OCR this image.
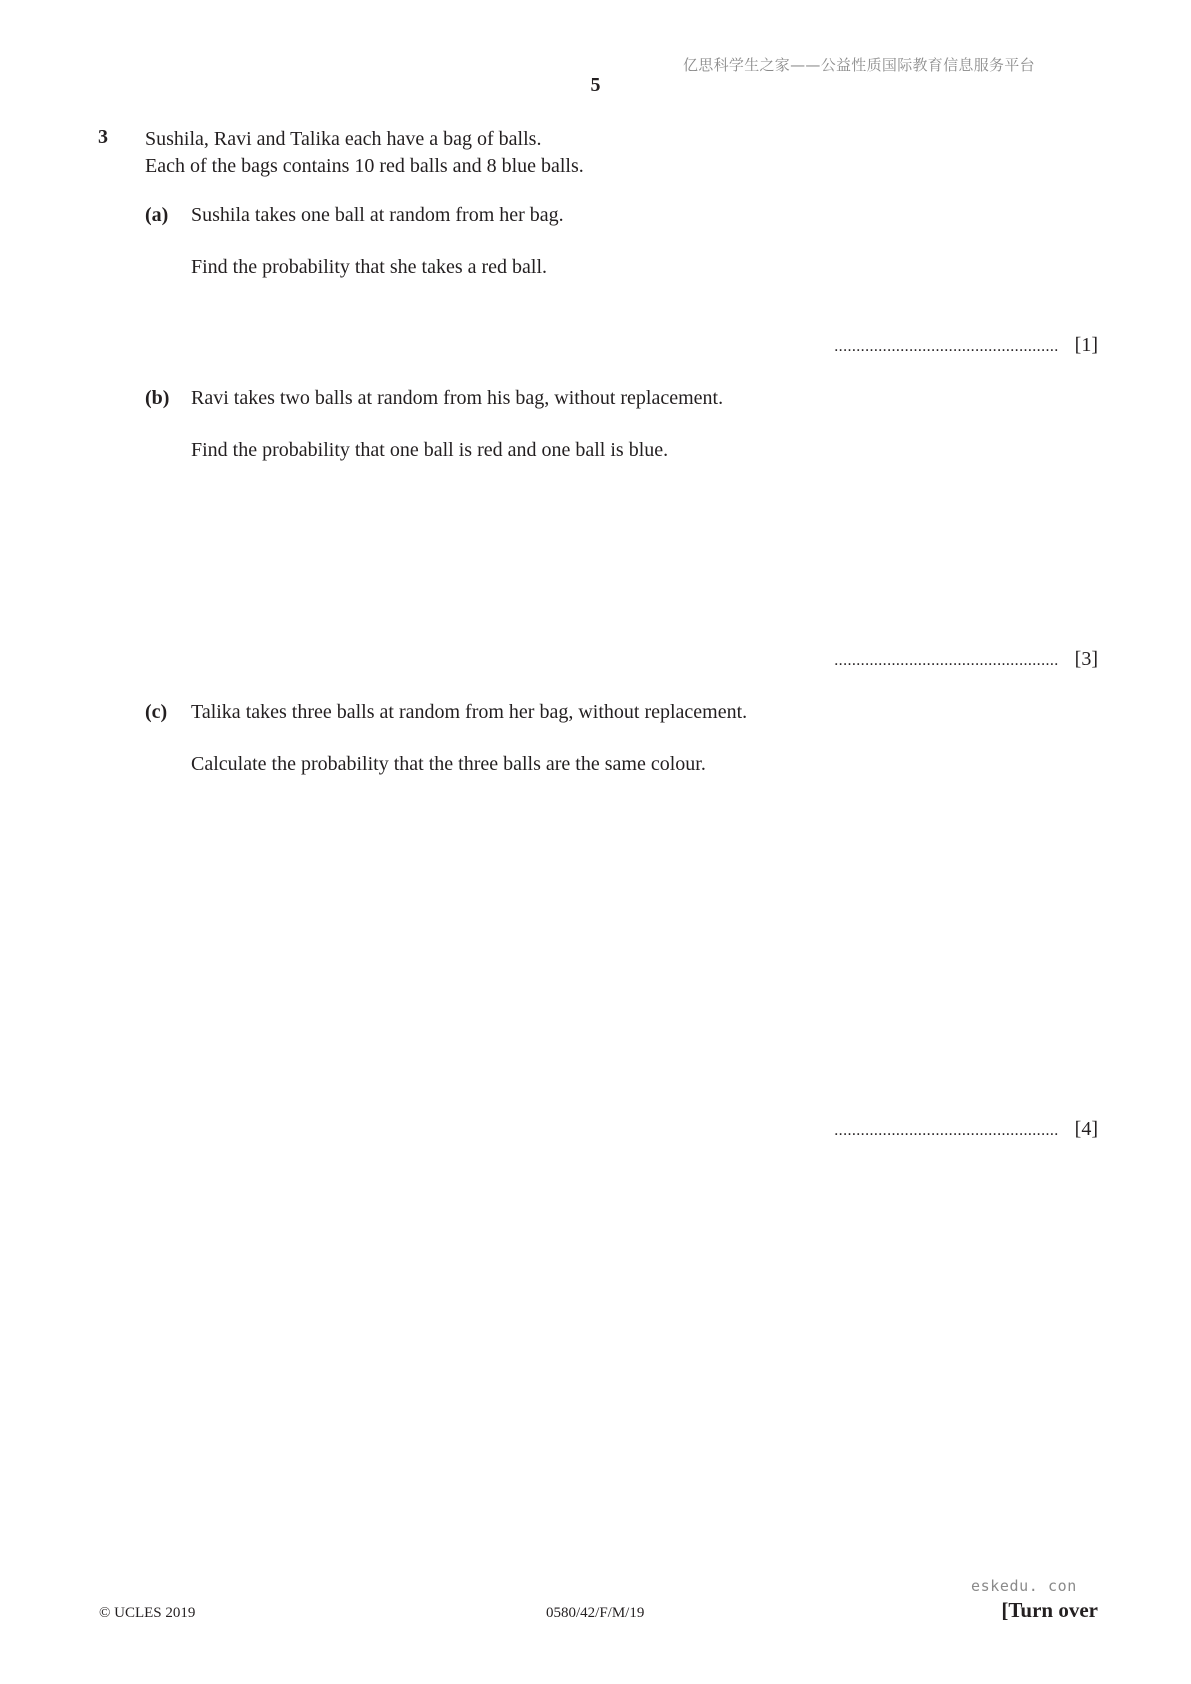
亿思科学生之家——公益性质国际教育信息服务平台
5
3 Sushila, Ravi and Talika each have a bag of balls.
Each of the bags contains 10 red balls and 8 blue balls.
(a) Sushila takes one ball at random from her bag.
Find the probability that she takes a red ball.
................................................... [1]
(b) Ravi takes two balls at random from his bag, without replacement.
Find the probability that one ball is red and one ball is blue.
................................................... [3]
(c) Talika takes three balls at random from her bag, without replacement.
Calculate the probability that the three balls are the same colour.
................................................... [4]
eskedu. con
© UCLES 2019	0580/42/F/M/19	[Turn over
